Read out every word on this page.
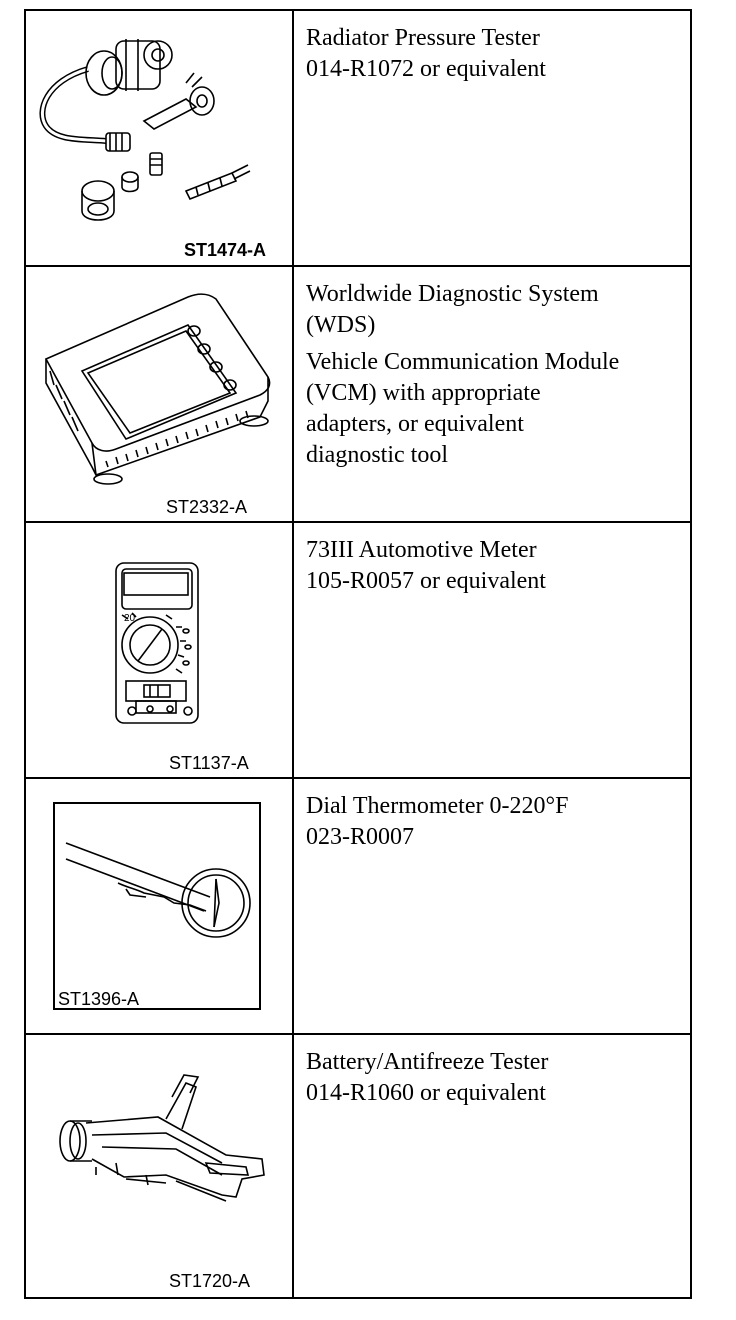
ST1474-A

Radiator Pressure Tester
014-R1072 or equivalent

ST2332-A

Worldwide Diagnostic System
(WDS)

Vehicle Communication Module
(VCM) with appropriate
adapters, or equivalent
diagnostic tool

20
ST1137-A

73III Automotive Meter
105-R0057 or equivalent

ST1396-A

Dial Thermometer 0-220°F
023-R0007

ST1720-A

Battery/Antifreeze Tester
014-R1060 or equivalent
